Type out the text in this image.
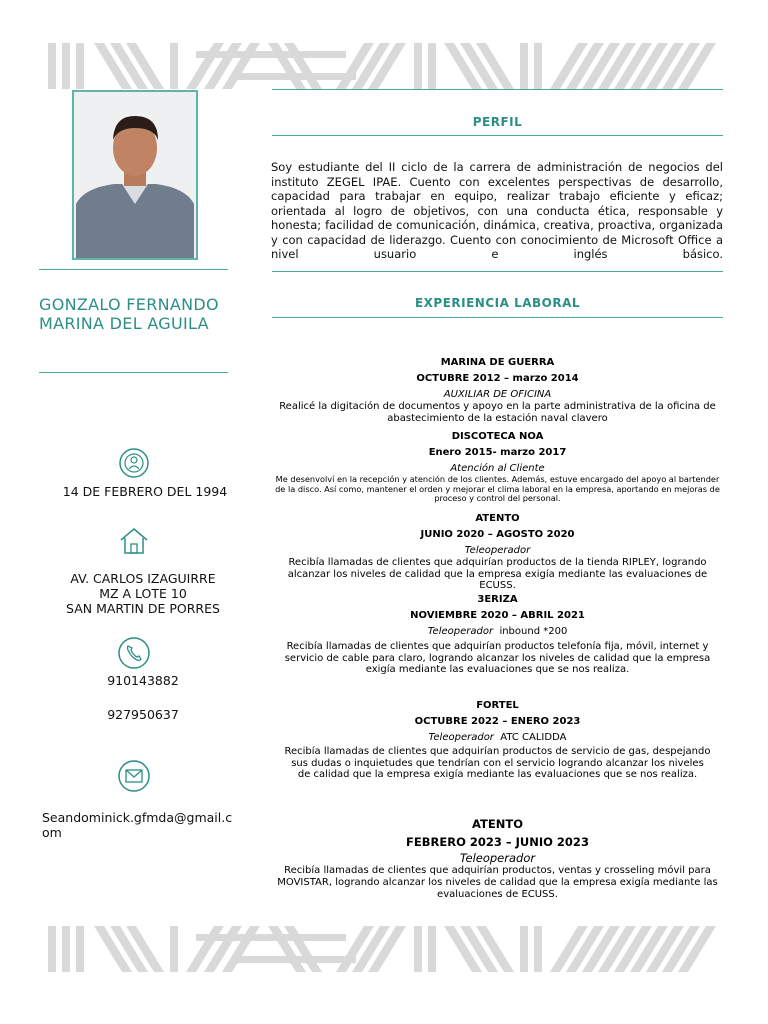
GONZALO FERNANDO MARINA DEL AGUILA
14 DE FEBRERO DEL 1994
AV. CARLOS IZAGUIRRE
MZ A LOTE 10
SAN MARTIN DE PORRES
910143882
927950637
Seandominick.gfmda@gmail.com
PERFIL
Soy estudiante del II ciclo de la carrera de administración de negocios del instituto ZEGEL IPAE. Cuento con excelentes perspectivas de desarrollo, capacidad para trabajar en equipo, realizar trabajo eficiente y eficaz; orientada al logro de objetivos, con una conducta ética, responsable y honesta; facilidad de comunicación, dinámica, creativa, proactiva, organizada y con capacidad de liderazgo. Cuento con conocimiento de Microsoft Office a nivel usuario e inglés básico.
EXPERIENCIA LABORAL

MARINA DE GUERRA

OCTUBRE 2012 – marzo 2014

AUXILIAR DE OFICINA

Realicé la digitación de documentos y apoyo en la parte administrativa de la oficina de abastecimiento de la estación naval clavero

DISCOTECA NOA

Enero 2015- marzo 2017

Atención al Cliente

Me desenvolví en la recepción y atención de los clientes. Además, estuve encargado del apoyo al bartender de la disco. Así como, mantener el orden y mejorar el clima laboral en la empresa, aportando en mejoras de proceso y control del personal.

ATENTO

JUNIO 2020 – AGOSTO 2020

Teleoperador

Recibía llamadas de clientes que adquirían productos de la tienda RIPLEY, logrando alcanzar los niveles de calidad que la empresa exigía mediante las evaluaciones de ECUSS.

3ERIZA

NOVIEMBRE 2020 – ABRIL 2021

Teleoperador inbound *200

Recibía llamadas de clientes que adquirían productos telefonía fija, móvil, internet y servicio de cable para claro, logrando alcanzar los niveles de calidad que la empresa exigía mediante las evaluaciones que se nos realiza.

FORTEL

OCTUBRE 2022 – ENERO 2023

Teleoperador ATC CALIDDA

Recibía llamadas de clientes que adquirían productos de servicio de gas, despejando sus dudas o inquietudes que tendrían con el servicio logrando alcanzar los niveles de calidad que la empresa exigía mediante las evaluaciones que se nos realiza.

ATENTO

FEBRERO 2023 – JUNIO 2023

Teleoperador

Recibía llamadas de clientes que adquirían productos, ventas y crosseling móvil para MOVISTAR, logrando alcanzar los niveles de calidad que la empresa exigía mediante las evaluaciones de ECUSS.
